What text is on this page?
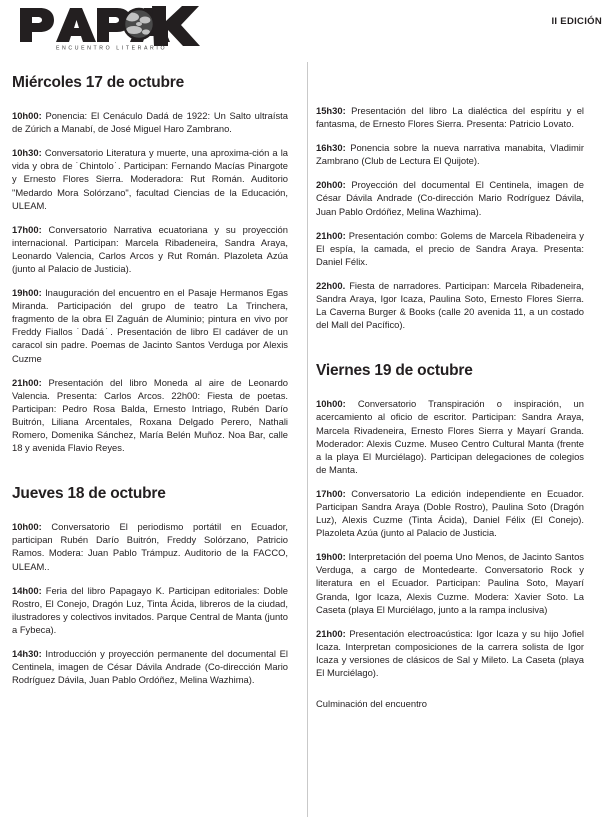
ENCUENTRO LITERARIO
II EDICIÓN
Miércoles 17 de octubre

10h00: Ponencia: El Cenáculo Dadá de 1922: Un Salto ultraísta de Zúrich a Manabí, de José Miguel Haro Zambrano.

10h30: Conversatorio Literatura y muerte, una aproxima-ción a la vida y obra de ˙Chintolo˙. Participan: Fernando Macías Pinargote y Ernesto Flores Sierra. Moderadora: Rut Román. Auditorio "Medardo Mora Solórzano", facultad Ciencias de la Educación, ULEAM.

17h00: Conversatorio Narrativa ecuatoriana y su proyección internacional. Participan: Marcela Ribadeneira, Sandra Araya, Leonardo Valencia, Carlos Arcos y Rut Román. Plazoleta Azúa (junto al Palacio de Justicia).

19h00: Inauguración del encuentro en el Pasaje Hermanos Egas Miranda. Participación del grupo de teatro La Trinchera, fragmento de la obra El Zaguán de Aluminio; pintura en vivo por Freddy Fiallos ˙Dadá˙. Presentación de libro El cadáver de un caracol sin padre. Poemas de Jacinto Santos Verduga por Alexis Cuzme

21h00: Presentación del libro Moneda al aire de Leonardo Valencia. Presenta: Carlos Arcos. 22h00: Fiesta de poetas. Participan: Pedro Rosa Balda, Ernesto Intriago, Rubén Darío Buitrón, Liliana Arcentales, Roxana Delgado Perero, Nathali Romero, Domenika Sánchez, María Belén Muñoz. Noa Bar, calle 18 y avenida Flavio Reyes.

Jueves 18 de octubre

10h00: Conversatorio El periodismo portátil en Ecuador, participan Rubén Darío Buitrón, Freddy Solórzano, Patricio Ramos. Modera: Juan Pablo Trámpuz. Auditorio de la FACCO, ULEAM..

14h00: Feria del libro Papagayo K. Participan editoriales: Doble Rostro, El Conejo, Dragón Luz, Tinta Ácida, libreros de la ciudad, ilustradores y colectivos invitados. Parque Central de Manta (junto a Fybeca).

14h30: Introducción y proyección permanente del documental El Centinela, imagen de César Dávila Andrade (Co-dirección Mario Rodríguez Dávila, Juan Pablo Ordóñez, Melina Wazhima).

15h30: Presentación del libro La dialéctica del espíritu y el fantasma, de Ernesto Flores Sierra. Presenta: Patricio Lovato.

16h30: Ponencia sobre la nueva narrativa manabita, Vladimir Zambrano (Club de Lectura El Quijote).

20h00: Proyección del documental El Centinela, imagen de César Dávila Andrade (Co-dirección Mario Rodríguez Dávila, Juan Pablo Ordóñez, Melina Wazhima).

21h00: Presentación combo: Golems de Marcela Ribadeneira y El espía, la camada, el precio de Sandra Araya. Presenta: Daniel Félix.

22h00. Fiesta de narradores. Participan: Marcela Ribadeneira, Sandra Araya, Igor Icaza, Paulina Soto, Ernesto Flores Sierra. La Caverna Burger & Books (calle 20 avenida 11, a un costado del Mall del Pacífico).

Viernes 19 de octubre

10h00: Conversatorio Transpiración o inspiración, un acercamiento al oficio de escritor. Participan: Sandra Araya, Marcela Rivadeneira, Ernesto Flores Sierra y Mayarí Granda. Moderador: Alexis Cuzme. Museo Centro Cultural Manta (frente a la playa El Murciélago). Participan delegaciones de colegios de Manta.

17h00: Conversatorio La edición independiente en Ecuador. Participan Sandra Araya (Doble Rostro), Paulina Soto (Dragón Luz), Alexis Cuzme (Tinta Ácida), Daniel Félix (El Conejo). Plazoleta Azúa (junto al Palacio de Justicia.

19h00: Interpretación del poema Uno Menos, de Jacinto Santos Verduga, a cargo de Montedearte. Conversatorio Rock y literatura en el Ecuador. Participan: Paulina Soto, Mayarí Granda, Igor Icaza, Alexis Cuzme. Modera: Xavier Soto. La Caseta (playa El Murciélago, junto a la rampa inclusiva)

21h00: Presentación electroacústica: Igor Icaza y su hijo Jofiel Icaza. Interpretan composiciones de la carrera solista de Igor Icaza y versiones de clásicos de Sal y Mileto. La Caseta (playa El Murciélago).

Culminación del encuentro
